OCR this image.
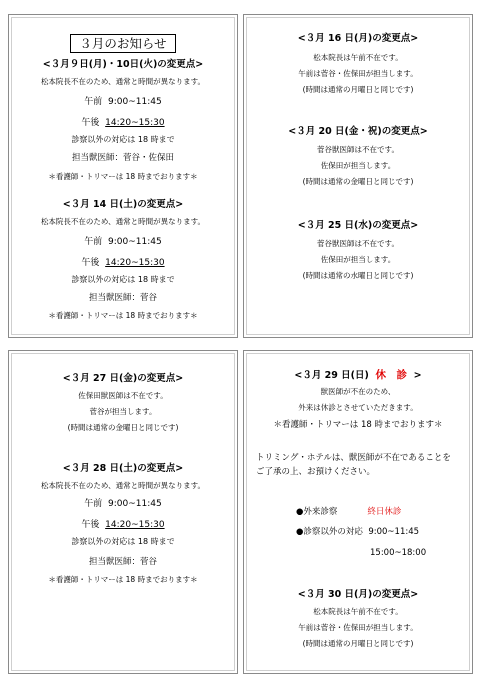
３月のお知らせ
<３月９日(月)・10日(火)の変更点>
松本院長不在のため、通常と時間が異なります。
午前 9:00~11:45
午後 14:20~15:30
診察以外の対応は 18 時まで
担当獣医師：菅谷・佐保田
＊看護師・トリマーは 18 時までおります＊
<３月 14 日(土)の変更点>
松本院長不在のため、通常と時間が異なります。
午前 9:00~11:45
午後 14:20~15:30
診察以外の対応は 18 時まで
担当獣医師：菅谷
＊看護師・トリマーは 18 時までおります＊
<３月 16 日(月)の変更点>
松本院長は午前不在です。
午前は菅谷・佐保田が担当します。
(時間は通常の月曜日と同じです)
<３月 20 日(金・祝)の変更点>
菅谷獣医師は不在です。
佐保田が担当します。
(時間は通常の金曜日と同じです)
<３月 25 日(水)の変更点>
菅谷獣医師は不在です。
佐保田が担当します。
(時間は通常の水曜日と同じです)
<３月 27 日(金)の変更点>
佐保田獣医師は不在です。
菅谷が担当します。
(時間は通常の金曜日と同じです)
<３月 28 日(土)の変更点>
松本院長不在のため、通常と時間が異なります。
午前 9:00~11:45
午後 14:20~15:30
診察以外の対応は 18 時まで
担当獣医師：菅谷
＊看護師・トリマーは 18 時までおります＊
<３月 29 日(日) 休　診 >
獣医師が不在のため、
外来は休診とさせていただきます。
＊看護師・トリマーは 18 時までおります＊
トリミング・ホテルは、獣医師が不在であることを
ご了承の上、お預けください。
●外来診察	終日休診
●診察以外の対応 9:00~11:45
15:00~18:00
<３月 30 日(月)の変更点>
松本院長は午前不在です。
午前は菅谷・佐保田が担当します。
(時間は通常の月曜日と同じです)
